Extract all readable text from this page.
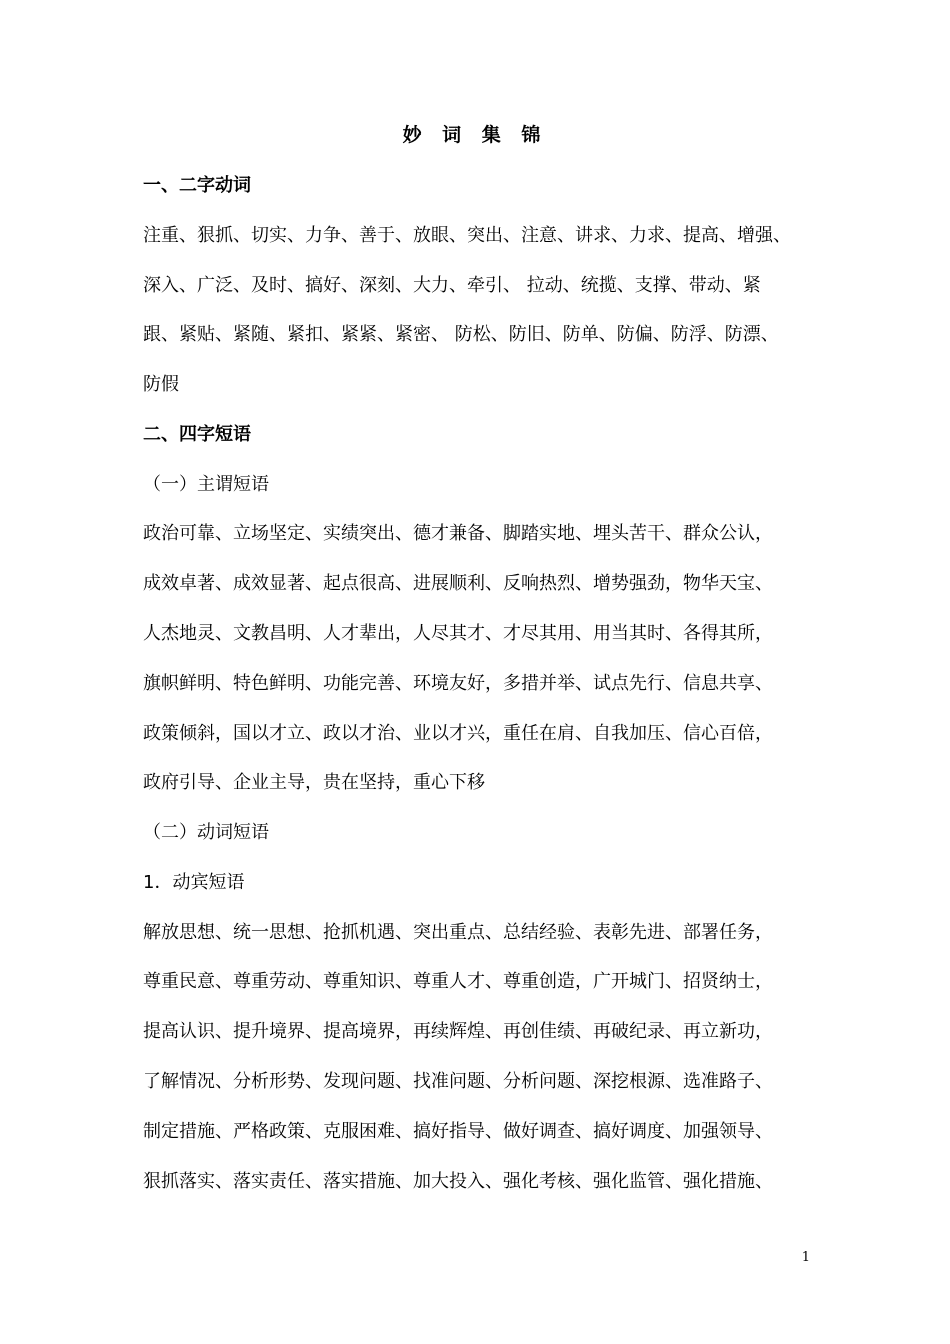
妙 词 集 锦
一、二字动词
注重、狠抓、切实、力争、善于、放眼、突出、注意、讲求、力求、提高、增强、
深入、广泛、及时、搞好、深刻、大力、牵引、 拉动、统揽、支撑、带动、紧
跟、紧贴、紧随、紧扣、紧紧、紧密、 防松、防旧、防单、防偏、防浮、防漂、
防假
二、四字短语
（一）主谓短语
政治可靠、立场坚定、实绩突出、德才兼备、脚踏实地、埋头苦干、群众公认，
成效卓著、成效显著、起点很高、进展顺利、反响热烈、增势强劲，物华天宝、
人杰地灵、文教昌明、人才辈出，人尽其才、才尽其用、用当其时、各得其所，
旗帜鲜明、特色鲜明、功能完善、环境友好，多措并举、试点先行、信息共享、
政策倾斜，国以才立、政以才治、业以才兴，重任在肩、自我加压、信心百倍，
政府引导、企业主导，贵在坚持，重心下移
（二）动词短语
1．动宾短语
解放思想、统一思想、抢抓机遇、突出重点、总结经验、表彰先进、部署任务，
尊重民意、尊重劳动、尊重知识、尊重人才、尊重创造，广开城门、招贤纳士，
提高认识、提升境界、提高境界，再续辉煌、再创佳绩、再破纪录、再立新功，
了解情况、分析形势、发现问题、找准问题、分析问题、深挖根源、选准路子、
制定措施、严格政策、克服困难、搞好指导、做好调查、搞好调度、加强领导、
狠抓落实、落实责任、落实措施、加大投入、强化考核、强化监管、强化措施、
1
